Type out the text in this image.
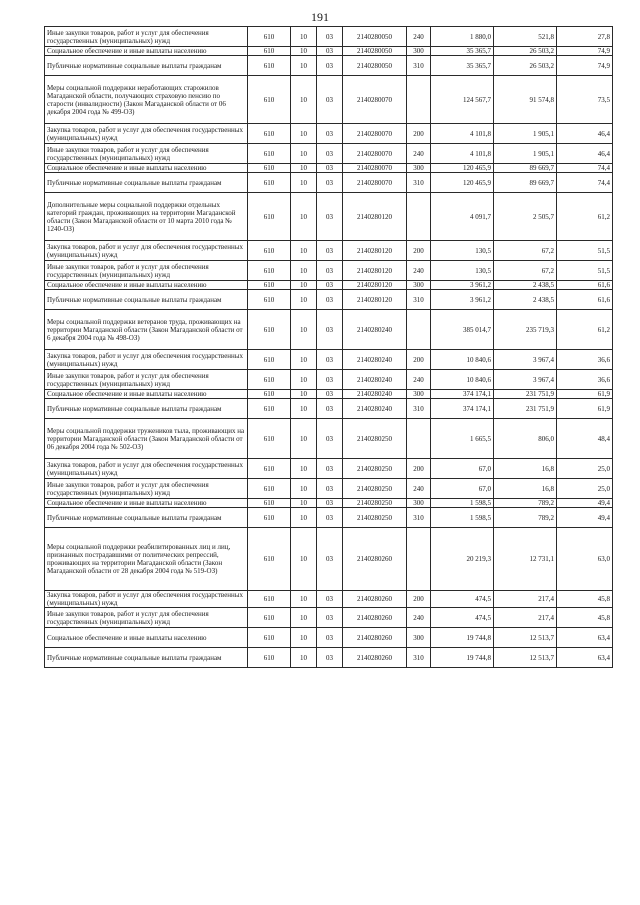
191
Иные закупки товаров, работ и услуг для обеспечения государственных (муниципальных) нужд	610	10	03	2140280050	240	1 880,0	521,8	27,8
Социальное обеспечение и иные выплаты населению	610	10	03	2140280050	300	35 365,7	26 503,2	74,9
Публичные нормативные социальные выплаты гражданам	610	10	03	2140280050	310	35 365,7	26 503,2	74,9
Меры социальной поддержки неработающих старожилов Магаданской области, получающих страховую пенсию по старости (инвалидности) (Закон Магаданской области от 06 декабря 2004 года № 499-ОЗ)	610	10	03	2140280070		124 567,7	91 574,8	73,5
Закупка товаров, работ и услуг для обеспечения государственных (муниципальных) нужд	610	10	03	2140280070	200	4 101,8	1 905,1	46,4
Иные закупки товаров, работ и услуг для обеспечения государственных (муниципальных) нужд	610	10	03	2140280070	240	4 101,8	1 905,1	46,4
Социальное обеспечение и иные выплаты населению	610	10	03	2140280070	300	120 465,9	89 669,7	74,4
Публичные нормативные социальные выплаты гражданам	610	10	03	2140280070	310	120 465,9	89 669,7	74,4
Дополнительные меры социальной поддержки отдельных категорий граждан, проживающих на территории Магаданской области (Закон Магаданской области от 10 марта 2010 года № 1240-ОЗ)	610	10	03	2140280120		4 091,7	2 505,7	61,2
Закупка товаров, работ и услуг для обеспечения государственных (муниципальных) нужд	610	10	03	2140280120	200	130,5	67,2	51,5
Иные закупки товаров, работ и услуг для обеспечения государственных (муниципальных) нужд	610	10	03	2140280120	240	130,5	67,2	51,5
Социальное обеспечение и иные выплаты населению	610	10	03	2140280120	300	3 961,2	2 438,5	61,6
Публичные нормативные социальные выплаты гражданам	610	10	03	2140280120	310	3 961,2	2 438,5	61,6
Меры социальной поддержки ветеранов труда, проживающих на территории Магаданской области (Закон Магаданской области от 6 декабря 2004 года № 498-ОЗ)	610	10	03	2140280240		385 014,7	235 719,3	61,2
Закупка товаров, работ и услуг для обеспечения государственных (муниципальных) нужд	610	10	03	2140280240	200	10 840,6	3 967,4	36,6
Иные закупки товаров, работ и услуг для обеспечения государственных (муниципальных) нужд	610	10	03	2140280240	240	10 840,6	3 967,4	36,6
Социальное обеспечение и иные выплаты населению	610	10	03	2140280240	300	374 174,1	231 751,9	61,9
Публичные нормативные социальные выплаты гражданам	610	10	03	2140280240	310	374 174,1	231 751,9	61,9
Меры социальной поддержки тружеников тыла, проживающих на территории Магаданской области (Закон Магаданской области от 06 декабря 2004 года № 502-ОЗ)	610	10	03	2140280250		1 665,5	806,0	48,4
Закупка товаров, работ и услуг для обеспечения государственных (муниципальных) нужд	610	10	03	2140280250	200	67,0	16,8	25,0
Иные закупки товаров, работ и услуг для обеспечения государственных (муниципальных) нужд	610	10	03	2140280250	240	67,0	16,8	25,0
Социальное обеспечение и иные выплаты населению	610	10	03	2140280250	300	1 598,5	789,2	49,4
Публичные нормативные социальные выплаты гражданам	610	10	03	2140280250	310	1 598,5	789,2	49,4
Меры социальной поддержки реабилитированных лиц и лиц, признанных пострадавшими от политических репрессий, проживающих на территории Магаданской области (Закон Магаданской области от 28 декабря 2004 года № 519-ОЗ)	610	10	03	2140280260		20 219,3	12 731,1	63,0
Закупка товаров, работ и услуг для обеспечения государственных (муниципальных) нужд	610	10	03	2140280260	200	474,5	217,4	45,8
Иные закупки товаров, работ и услуг для обеспечения государственных (муниципальных) нужд	610	10	03	2140280260	240	474,5	217,4	45,8
Социальное обеспечение и иные выплаты населению	610	10	03	2140280260	300	19 744,8	12 513,7	63,4
Публичные нормативные социальные выплаты гражданам	610	10	03	2140280260	310	19 744,8	12 513,7	63,4
